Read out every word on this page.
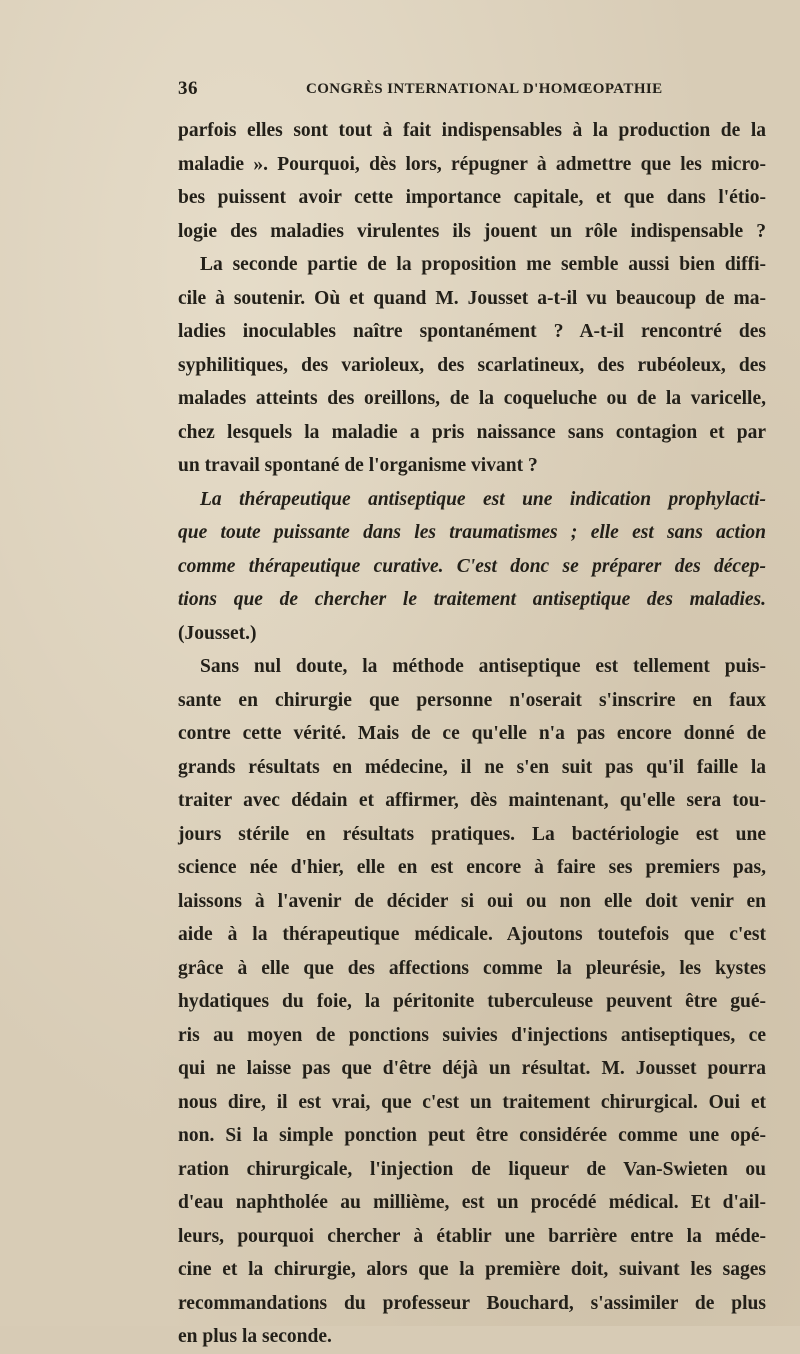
36	CONGRÈS INTERNATIONAL D'HOMŒOPATHIE
parfois elles sont tout à fait indispensables à la production de la
maladie ». Pourquoi, dès lors, répugner à admettre que les micro-
bes puissent avoir cette importance capitale, et que dans l'étio-
logie des maladies virulentes ils jouent un rôle indispensable ?
La seconde partie de la proposition me semble aussi bien diffi-
cile à soutenir. Où et quand M. Jousset a-t-il vu beaucoup de ma-
ladies inoculables naître spontanément ? A-t-il rencontré des
syphilitiques, des varioleux, des scarlatineux, des rubéoleux, des
malades atteints des oreillons, de la coqueluche ou de la varicelle,
chez lesquels la maladie a pris naissance sans contagion et par
un travail spontané de l'organisme vivant ?
La thérapeutique antiseptique est une indication prophylacti-
que toute puissante dans les traumatismes ; elle est sans action
comme thérapeutique curative. C'est donc se préparer des décep-
tions que de chercher le traitement antiseptique des maladies.
(Jousset.)
Sans nul doute, la méthode antiseptique est tellement puis-
sante en chirurgie que personne n'oserait s'inscrire en faux
contre cette vérité. Mais de ce qu'elle n'a pas encore donné de
grands résultats en médecine, il ne s'en suit pas qu'il faille la
traiter avec dédain et affirmer, dès maintenant, qu'elle sera tou-
jours stérile en résultats pratiques. La bactériologie est une
science née d'hier, elle en est encore à faire ses premiers pas,
laissons à l'avenir de décider si oui ou non elle doit venir en
aide à la thérapeutique médicale. Ajoutons toutefois que c'est
grâce à elle que des affections comme la pleurésie, les kystes
hydatiques du foie, la péritonite tuberculeuse peuvent être gué-
ris au moyen de ponctions suivies d'injections antiseptiques, ce
qui ne laisse pas que d'être déjà un résultat. M. Jousset pourra
nous dire, il est vrai, que c'est un traitement chirurgical. Oui et
non. Si la simple ponction peut être considérée comme une opé-
ration chirurgicale, l'injection de liqueur de Van-Swieten ou
d'eau naphtholée au millième, est un procédé médical. Et d'ail-
leurs, pourquoi chercher à établir une barrière entre la méde-
cine et la chirurgie, alors que la première doit, suivant les sages
recommandations du professeur Bouchard, s'assimiler de plus
en plus la seconde.
